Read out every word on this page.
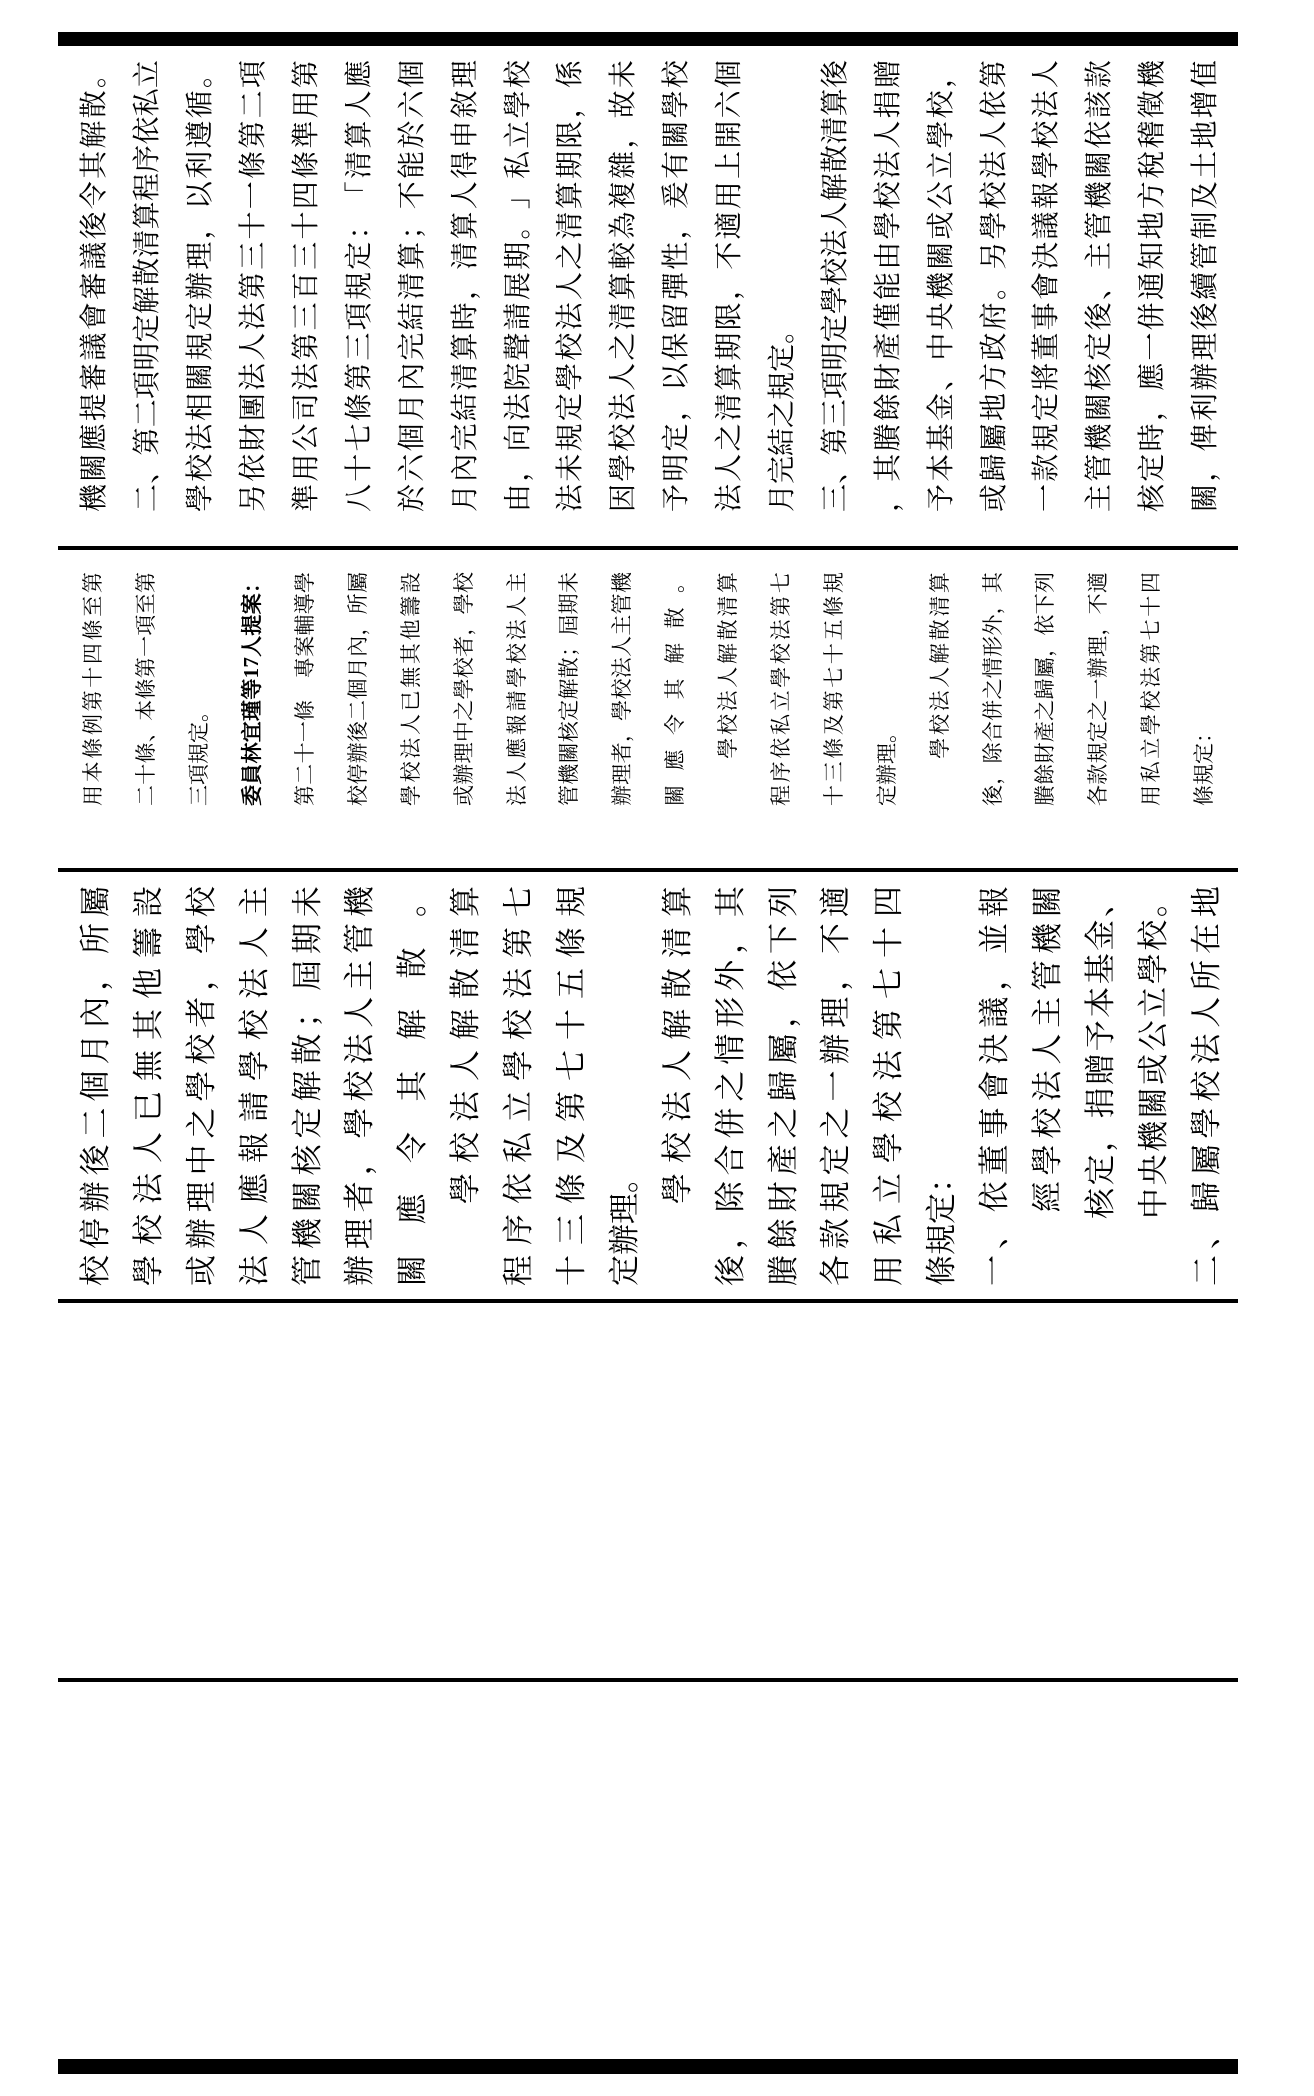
機
關
應
提
審
議
會
審
議
後
令
其
解
散
。
二
、
第
二
項
明
定
解
散
清
算
程
序
依
私
立
學
校
法
相
關
規
定
辦
理
，
以
利
遵
循
。
另
依
財
團
法
人
法
第
三
十
一
條
第
二
項
準
用
公
司
法
第
三
百
三
十
四
條
準
用
第
八
十
七
條
第
三
項
規
定
：
「
清
算
人
應
於
六
個
月
內
完
結
清
算
；
不
能
於
六
個
月
內
完
結
清
算
時
，
清
算
人
得
申
敘
理
由
，
向
法
院
聲
請
展
期
。
」
私
立
學
校
法
未
規
定
學
校
法
人
之
清
算
期
限
，
係
因
學
校
法
人
之
清
算
較
為
複
雜
，
故
未
予
明
定
，
以
保
留
彈
性
，
爰
有
關
學
校
法
人
之
清
算
期
限
，
不
適
用
上
開
六
個
月
完
結
之
規
定
。
三
、
第
三
項
明
定
學
校
法
人
解
散
清
算
後
，
其
賸
餘
財
產
僅
能
由
學
校
法
人
捐
贈
予
本
基
金
、
中
央
機
關
或
公
立
學
校
，
或
歸
屬
地
方
政
府
。
另
學
校
法
人
依
第
一
款
規
定
將
董
事
會
決
議
報
學
校
法
人
主
管
機
關
核
定
後
、
主
管
機
關
依
該
款
核
定
時
，
應
一
併
通
知
地
方
稅
稽
徵
機
關
，
俾
利
辦
理
後
續
管
制
及
土
地
增
值
用
本
條
例
第
十
四
條
至
第
二
十
條
、
本
條
第
一
項
至
第
三
項
規
定
。
委
員
林
宜
瑾
等
1
7
人
提
案
：
第
二
十
一
條

專
案
輔
導
學
校
停
辦
後
二
個
月
內
，
所
屬
學
校
法
人
已
無
其
他
籌
設
或
辦
理
中
之
學
校
者
，
學
校
法
人
應
報
請
學
校
法
人
主
管
機
關
核
定
解
散
；
屆
期
未
辦
理
者
，
學
校
法
人
主
管
機
關
應
令
其
解
散
。

學
校
法
人
解
散
清
算
程
序
依
私
立
學
校
法
第
七
十
三
條
及
第
七
十
五
條
規
定
辦
理
。

學
校
法
人
解
散
清
算
後
，
除
合
併
之
情
形
外
，
其
賸
餘
財
產
之
歸
屬
，
依
下
列
各
款
規
定
之
一
辦
理
，
不
適
用
私
立
學
校
法
第
七
十
四
條
規
定
：
校
停
辦
後
二
個
月
內
，
所
屬
學
校
法
人
已
無
其
他
籌
設
或
辦
理
中
之
學
校
者
，
學
校
法
人
應
報
請
學
校
法
人
主
管
機
關
核
定
解
散
；
屆
期
未
辦
理
者
，
學
校
法
人
主
管
機
關
應
令
其
解
散
。

學
校
法
人
解
散
清
算
程
序
依
私
立
學
校
法
第
七
十
三
條
及
第
七
十
五
條
規
定
辦
理
。

　 學
校
法
人
解
散
清
算
後
，
除
合
併
之
情
形
外
，
其
賸
餘
財
產
之
歸
屬
，
依
下
列
各
款
規
定
之
一
辦
理
，
不
適
用
私
立
學
校
法
第
七
十
四
條
規
定
：
一
、
依
董
事
會
決
議
，
並
報

經
學
校
法
人
主
管
機
關

核
定
，
捐
贈
予
本
基
金
、

中
央
機
關
或
公
立
學
校
。
二
、
歸
屬
學
校
法
人
所
在
地
